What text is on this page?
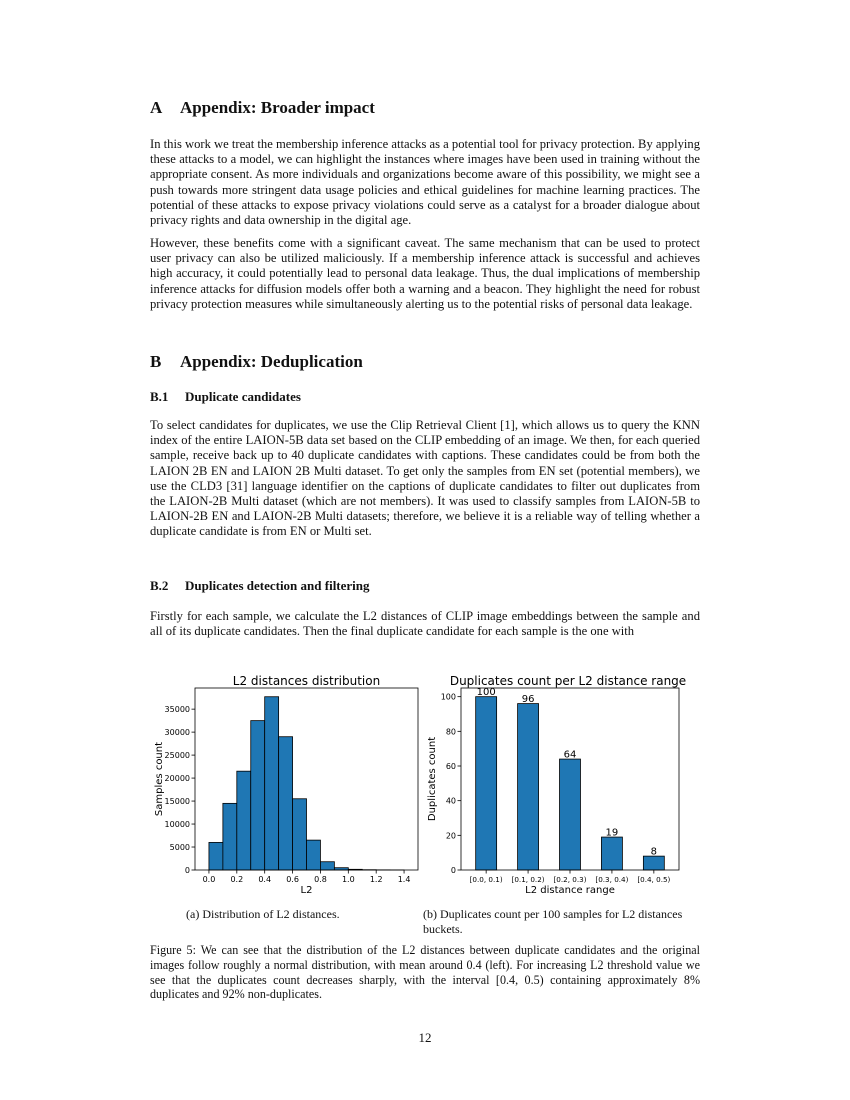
A Appendix: Broader impact

In this work we treat the membership inference attacks as a potential tool for privacy protection. By applying these attacks to a model, we can highlight the instances where images have been used in training without the appropriate consent. As more individuals and organizations become aware of this possibility, we might see a push towards more stringent data usage policies and ethical guidelines for machine learning practices. The potential of these attacks to expose privacy violations could serve as a catalyst for a broader dialogue about privacy rights and data ownership in the digital age.

However, these benefits come with a significant caveat. The same mechanism that can be used to protect user privacy can also be utilized maliciously. If a membership inference attack is successful and achieves high accuracy, it could potentially lead to personal data leakage. Thus, the dual implications of membership inference attacks for diffusion models offer both a warning and a beacon. They highlight the need for robust privacy protection measures while simultaneously alerting us to the potential risks of personal data leakage.

B Appendix: Deduplication
B.1 Duplicate candidates

To select candidates for duplicates, we use the Clip Retrieval Client [1], which allows us to query the KNN index of the entire LAION-5B data set based on the CLIP embedding of an image. We then, for each queried sample, receive back up to 40 duplicate candidates with captions. These candidates could be from both the LAION 2B EN and LAION 2B Multi dataset. To get only the samples from EN set (potential members), we use the CLD3 [31] language identifier on the captions of duplicate candidates to filter out duplicates from the LAION-2B Multi dataset (which are not members). It was used to classify samples from LAION-5B to LAION-2B EN and LAION-2B Multi datasets; therefore, we believe it is a reliable way of telling whether a duplicate candidate is from EN or Multi set.

B.2 Duplicates detection and filtering

Firstly for each sample, we calculate the L2 distances of CLIP image embeddings between the sample and all of its duplicate candidates. Then the final duplicate candidate for each sample is the one with

0.0 0.2 0.4 0.6 0.8 1.0 1.2 1.4
0
5000
10000
15000
20000
25000
30000
35000
L2 distances distribution
L2
Samples count
100
[0.0, 0.1)
96
[0.1, 0.2)
64
[0.2, 0.3)
19
[0.3, 0.4)
8
[0.4, 0.5)
0
20
40
60
80
100
Duplicates count per L2 distance range
L2 distance range
Duplicates count

(a) Distribution of L2 distances.	(b) Duplicates count per 100 samples for L2 distances buckets.

Figure 5: We can see that the distribution of the L2 distances between duplicate candidates and the original images follow roughly a normal distribution, with mean around 0.4 (left). For increasing L2 threshold value we see that the duplicates count decreases sharply, with the interval [0.4, 0.5) containing approximately 8% duplicates and 92% non-duplicates.

12
